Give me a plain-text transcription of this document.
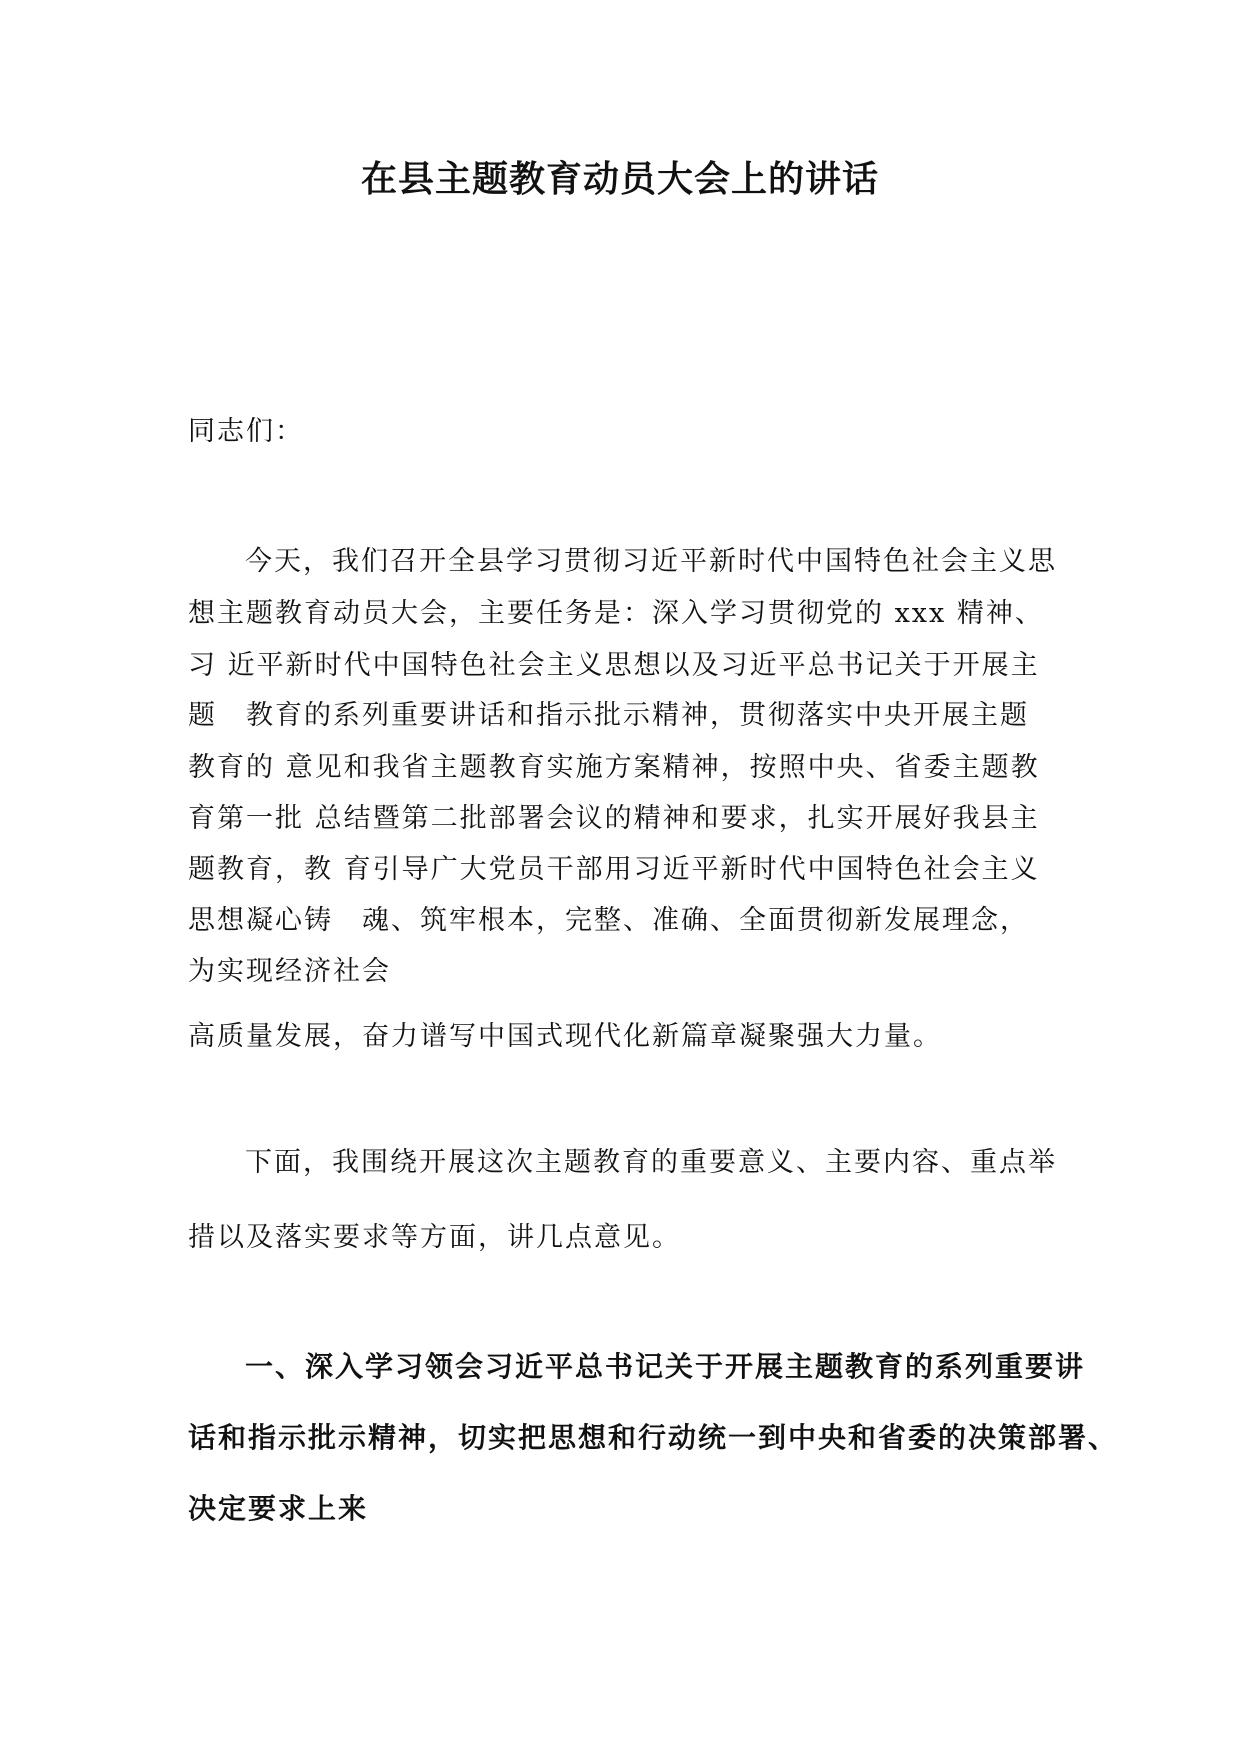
在县主题教育动员大会上的讲话

同志们：

今天，我们召开全县学习贯彻习近平新时代中国特色社会主义思

想主题教育动员大会，主要任务是：深入学习贯彻党的 xxx 精神、

习 近平新时代中国特色社会主义思想以及习近平总书记关于开展主

题　教育的系列重要讲话和指示批示精神，贯彻落实中央开展主题

教育的 意见和我省主题教育实施方案精神，按照中央、省委主题教

育第一批 总结暨第二批部署会议的精神和要求，扎实开展好我县主

题教育，教 育引导广大党员干部用习近平新时代中国特色社会主义

思想凝心铸　魂、筑牢根本，完整、准确、全面贯彻新发展理念，

为实现经济社会

高质量发展，奋力谱写中国式现代化新篇章凝聚强大力量。

下面，我围绕开展这次主题教育的重要意义、主要内容、重点举

措以及落实要求等方面，讲几点意见。

一、深入学习领会习近平总书记关于开展主题教育的系列重要讲

话和指示批示精神，切实把思想和行动统一到中央和省委的决策部署、

决定要求上来
